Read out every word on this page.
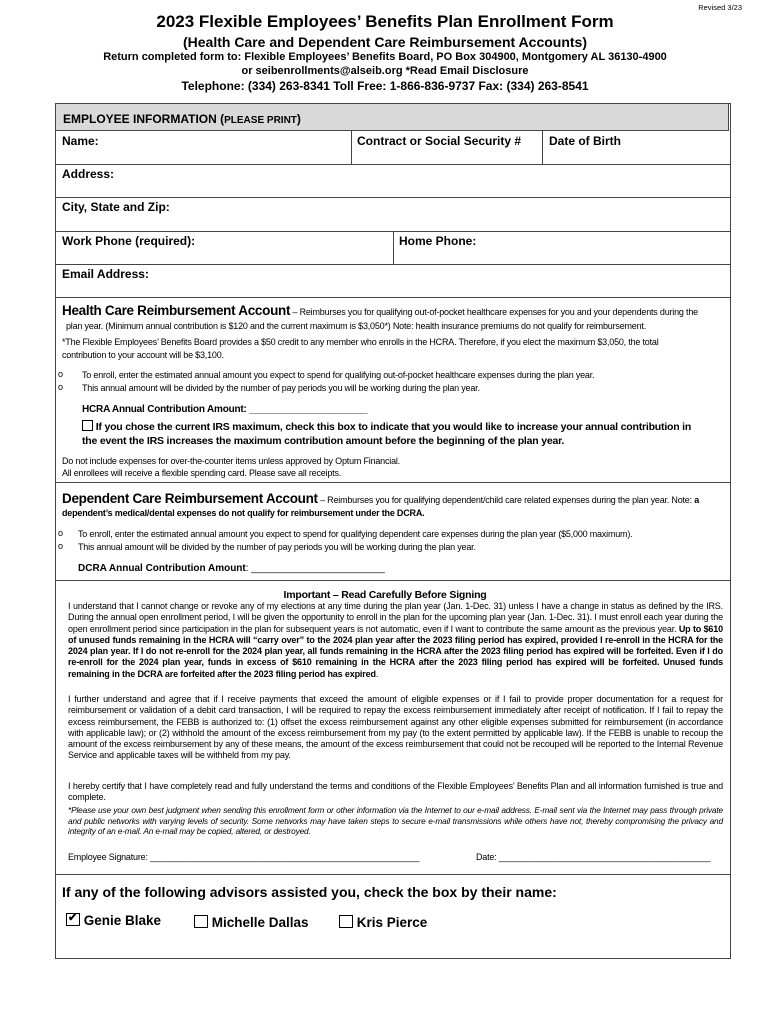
Revised 3/23
2023 Flexible Employees’ Benefits Plan Enrollment Form
(Health Care and Dependent Care Reimbursement Accounts)
Return completed form to: Flexible Employees’ Benefits Board, PO Box 304900, Montgomery AL 36130-4900
or seibenrollments@alseib.org *Read Email Disclosure
Telephone: (334) 263-8341 Toll Free: 1-866-836-9737 Fax: (334) 263-8541
EMPLOYEE INFORMATION (PLEASE PRINT)
Name:	Contract or Social Security # Date of Birth
Address:
City, State and Zip:
Work Phone (required):	Home Phone:
Email Address:
Health Care Reimbursement Account – Reimburses you for qualifying out-of-pocket healthcare expenses for you and your dependents during the
plan year. (Minimum annual contribution is $120 and the current maximum is $3,050*) Note: health insurance premiums do not qualify for reimbursement.
*The Flexible Employees’ Benefits Board provides a $50 credit to any member who enrolls in the HCRA. Therefore, if you elect the maximum $3,050, the total
contribution to your account will be $3,100.
o To enroll, enter the estimated annual amount you expect to spend for qualifying out-of-pocket healthcare expenses during the plan year.
o This annual amount will be divided by the number of pay periods you will be working during the plan year.
HCRA Annual Contribution Amount: ______________________
If you chose the current IRS maximum, check this box to indicate that you would like to increase your annual contribution in
the event the IRS increases the maximum contribution amount before the beginning of the plan year.
Do not include expenses for over-the-counter items unless approved by Optum Financial.
All enrollees will receive a flexible spending card. Please save all receipts.
Dependent Care Reimbursement Account – Reimburses you for qualifying dependent/child care related expenses during the plan year. Note: a
dependent’s medical/dental expenses do not qualify for reimbursement under the DCRA.
o To enroll, enter the estimated annual amount you expect to spend for qualifying dependent care expenses during the plan year ($5,000 maximum).
o This annual amount will be divided by the number of pay periods you will be working during the plan year.
DCRA Annual Contribution Amount: ________________________
Important – Read Carefully Before Signing
I understand that I cannot change or revoke any of my elections at any time during the plan year (Jan. 1-Dec. 31) unless I have a change in status as defined by the IRS. During the annual open enrollment period, I will be given the opportunity to enroll in the plan for the upcoming plan year (Jan. 1-Dec. 31). I must enroll each year during the open enrollment period since participation in the plan for subsequent years is not automatic, even if I want to contribute the same amount as the previous year. Up to $610 of unused funds remaining in the HCRA will “carry over” to the 2024 plan year after the 2023 filing period has expired, provided I re-enroll in the HCRA for the 2024 plan year. If I do not re-enroll for the 2024 plan year, all funds remaining in the HCRA after the 2023 filing period has expired will be forfeited. Even if I do re-enroll for the 2024 plan year, funds in excess of $610 remaining in the HCRA after the 2023 filing period has expired will be forfeited. Unused funds remaining in the DCRA are forfeited after the 2023 filing period has expired.
I further understand and agree that if I receive payments that exceed the amount of eligible expenses or if I fail to provide proper documentation for a request for reimbursement or validation of a debit card transaction, I will be required to repay the excess reimbursement immediately after receipt of notification. If I fail to repay the excess reimbursement, the FEBB is authorized to: (1) offset the excess reimbursement against any other eligible expenses submitted for reimbursement (in accordance with applicable law); or (2) withhold the amount of the excess reimbursement from my pay (to the extent permitted by applicable law). If the FEBB is unable to recoup the amount of the excess reimbursement by any of these means, the amount of the excess reimbursement that could not be recouped will be reported to the Internal Revenue Service and applicable taxes will be withheld from my pay.
I hereby certify that I have completely read and fully understand the terms and conditions of the Flexible Employees’ Benefits Plan and all information furnished is true and complete.
*Please use your own best judgment when sending this enrollment form or other information via the Internet to our e-mail address. E-mail sent via the Internet may pass through private and public networks with varying levels of security. Some networks may have taken steps to secure e-mail transmissions while others have not, thereby compromising the privacy and integrity of an e-mail. An e-mail may be copied, altered, or destroyed.
Employee Signature: ________________________________________________________	Date: ____________________________________________
If any of the following advisors assisted you, check the box by their name:
✔ Genie Blake	Michelle Dallas	Kris Pierce
